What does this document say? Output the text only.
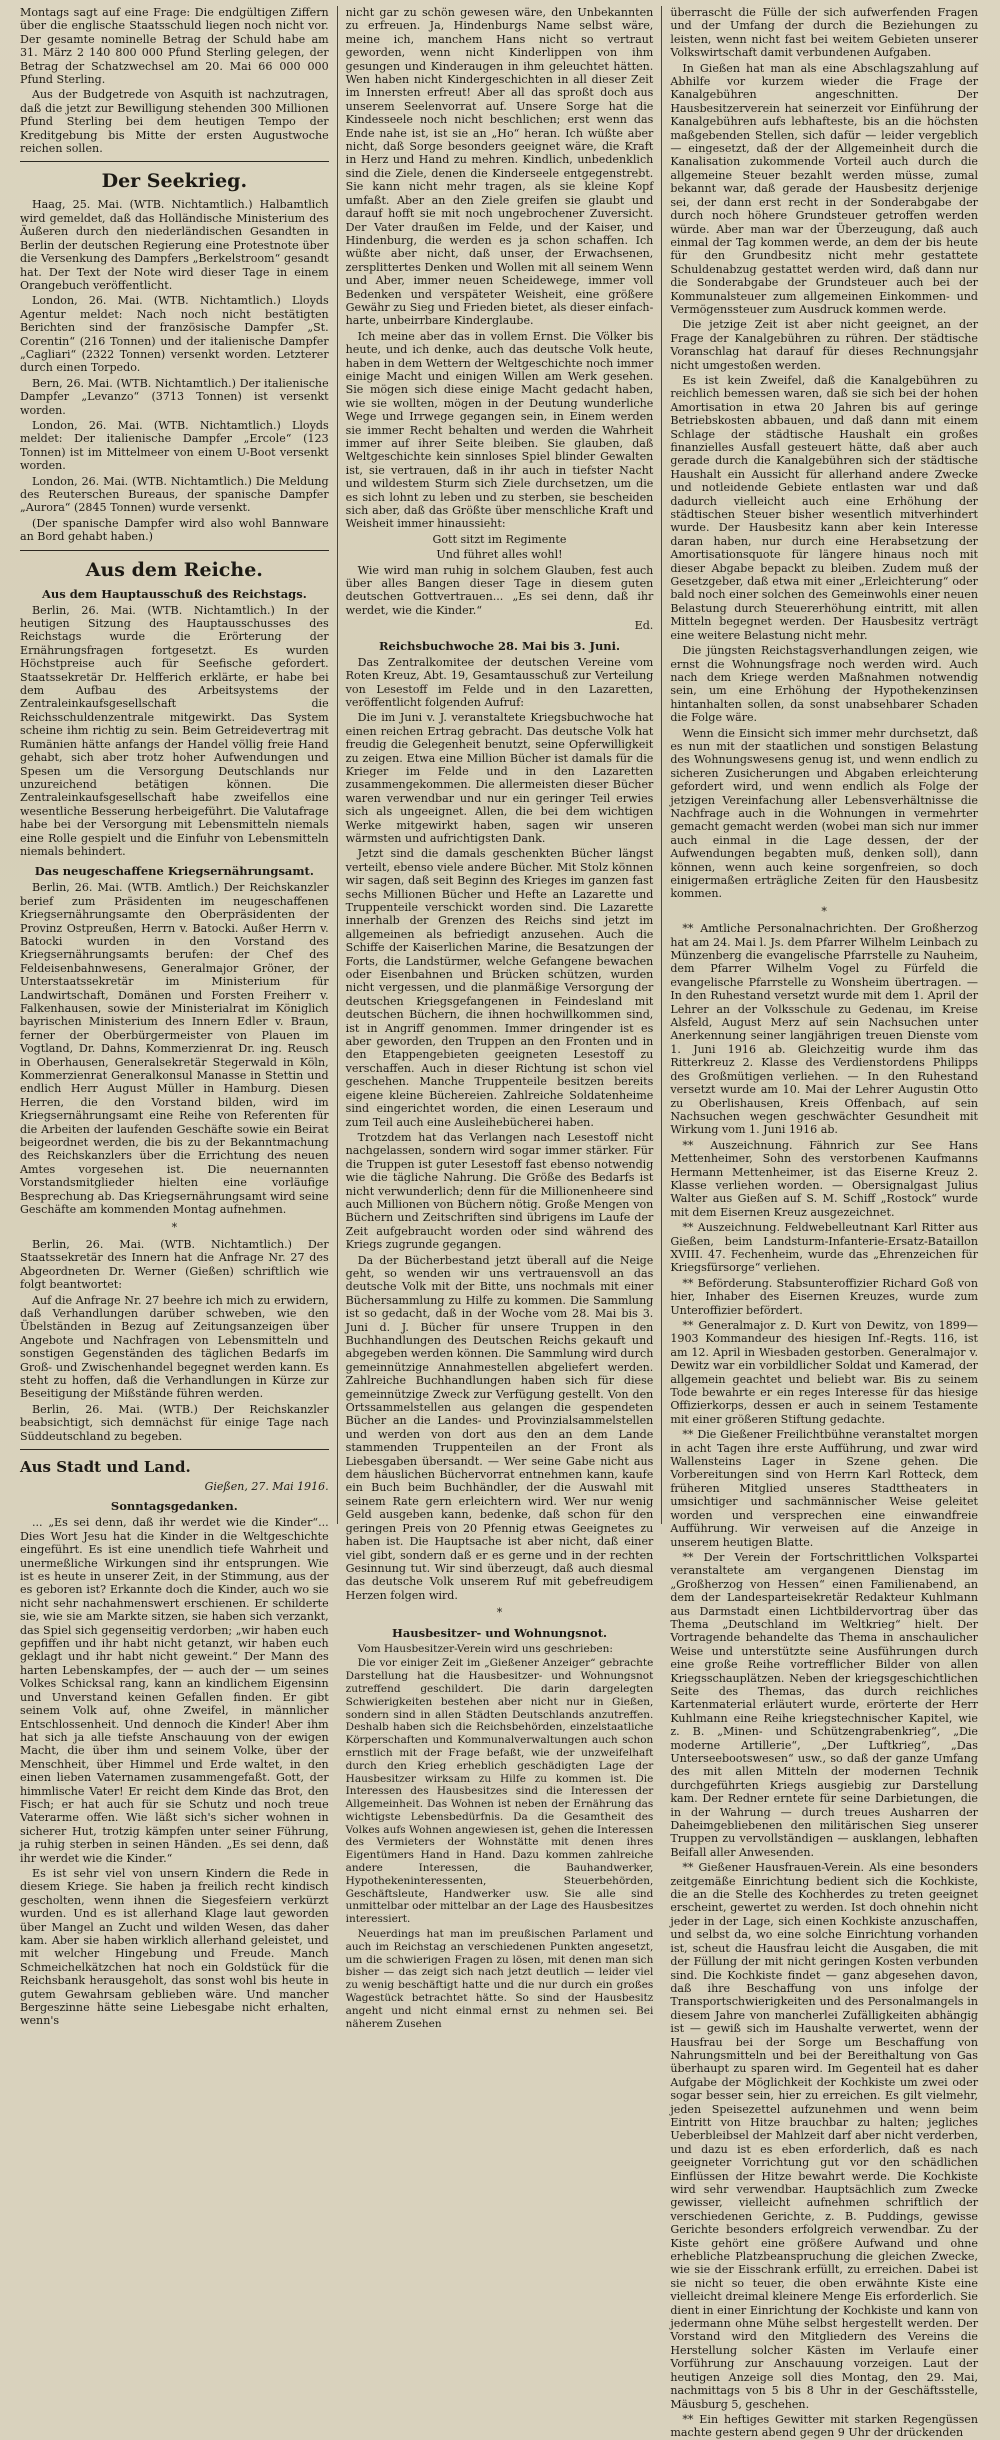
Montags sagt auf eine Frage: Die endgültigen Ziffern über die englische Staatsschuld liegen noch nicht vor. Der gesamte nominelle Betrag der Schuld habe am 31. März 2 140 800 000 Pfund Sterling gelegen, der Betrag der Schatzwechsel am 20. Mai 66 000 000 Pfund Sterling.

Aus der Budgetrede von Asquith ist nachzutragen, daß die jetzt zur Bewilligung stehenden 300 Millionen Pfund Sterling bei dem heutigen Tempo der Kreditgebung bis Mitte der ersten Augustwoche reichen sollen.

Der Seekrieg.

Haag, 25. Mai. (WTB. Nichtamtlich.) Halbamtlich wird gemeldet, daß das Holländische Ministerium des Äußeren durch den niederländischen Gesandten in Berlin der deutschen Regierung eine Protestnote über die Versenkung des Dampfers „Berkelstroom“ gesandt hat. Der Text der Note wird dieser Tage in einem Orangebuch veröffentlicht.

London, 26. Mai. (WTB. Nichtamtlich.) Lloyds Agentur meldet: Nach noch nicht bestätigten Berichten sind der französische Dampfer „St. Corentin“ (216 Tonnen) und der italienische Dampfer „Cagliari“ (2322 Tonnen) versenkt worden. Letzterer durch einen Torpedo.

Bern, 26. Mai. (WTB. Nichtamtlich.) Der italienische Dampfer „Levanzo“ (3713 Tonnen) ist versenkt worden.

London, 26. Mai. (WTB. Nichtamtlich.) Lloyds meldet: Der italienische Dampfer „Ercole“ (123 Tonnen) ist im Mittelmeer von einem U-Boot versenkt worden.

London, 26. Mai. (WTB. Nichtamtlich.) Die Meldung des Reuterschen Bureaus, der spanische Dampfer „Aurora“ (2845 Tonnen) wurde versenkt.

(Der spanische Dampfer wird also wohl Bannware an Bord gehabt haben.)

Aus dem Reiche.
Aus dem Hauptausschuß des Reichstags.

Berlin, 26. Mai. (WTB. Nichtamtlich.) In der heutigen Sitzung des Hauptausschusses des Reichstags wurde die Erörterung der Ernährungsfragen fortgesetzt. Es wurden Höchstpreise auch für Seefische gefordert. Staatssekretär Dr. Helfferich erklärte, er habe bei dem Aufbau des Arbeitsystems der Zentraleinkaufsgesellschaft die Reichsschuldenzentrale mitgewirkt. Das System scheine ihm richtig zu sein. Beim Getreidevertrag mit Rumänien hätte anfangs der Handel völlig freie Hand gehabt, sich aber trotz hoher Aufwendungen und Spesen um die Versorgung Deutschlands nur unzureichend betätigen können. Die Zentraleinkaufsgesellschaft habe zweifellos eine wesentliche Besserung herbeigeführt. Die Valutafrage habe bei der Versorgung mit Lebensmitteln niemals eine Rolle gespielt und die Einfuhr von Lebensmitteln niemals behindert.

Das neugeschaffene Kriegsernährungsamt.

Berlin, 26. Mai. (WTB. Amtlich.) Der Reichskanzler berief zum Präsidenten im neugeschaffenen Kriegsernährungsamte den Oberpräsidenten der Provinz Ostpreußen, Herrn v. Batocki. Außer Herrn v. Batocki wurden in den Vorstand des Kriegsernährungsamts berufen: der Chef des Feldeisenbahnwesens, Generalmajor Gröner, der Unterstaatssekretär im Ministerium für Landwirtschaft, Domänen und Forsten Freiherr v. Falkenhausen, sowie der Ministerialrat im Königlich bayrischen Ministerium des Innern Edler v. Braun, ferner der Oberbürgermeister von Plauen im Vogtland, Dr. Dahns, Kommerzienrat Dr. ing. Reusch in Oberhausen, Generalsekretär Stegerwald in Köln, Kommerzienrat Generalkonsul Manasse in Stettin und endlich Herr August Müller in Hamburg. Diesen Herren, die den Vorstand bilden, wird im Kriegsernährungsamt eine Reihe von Referenten für die Arbeiten der laufenden Geschäfte sowie ein Beirat beigeordnet werden, die bis zu der Bekanntmachung des Reichskanzlers über die Errichtung des neuen Amtes vorgesehen ist. Die neuernannten Vorstandsmitglieder hielten eine vorläufige Besprechung ab. Das Kriegsernährungsamt wird seine Geschäfte am kommenden Montag aufnehmen.

*

Berlin, 26. Mai. (WTB. Nichtamtlich.) Der Staatssekretär des Innern hat die Anfrage Nr. 27 des Abgeordneten Dr. Werner (Gießen) schriftlich wie folgt beantwortet:

Auf die Anfrage Nr. 27 beehre ich mich zu erwidern, daß Verhandlungen darüber schweben, wie den Übelständen in Bezug auf Zeitungsanzeigen über Angebote und Nachfragen von Lebensmitteln und sonstigen Gegenständen des täglichen Bedarfs im Groß- und Zwischenhandel begegnet werden kann. Es steht zu hoffen, daß die Verhandlungen in Kürze zur Beseitigung der Mißstände führen werden.

Berlin, 26. Mai. (WTB.) Der Reichskanzler beabsichtigt, sich demnächst für einige Tage nach Süddeutschland zu begeben.

Aus Stadt und Land.
Gießen, 27. Mai 1916.
Sonntagsgedanken.

... „Es sei denn, daß ihr werdet wie die Kinder“... Dies Wort Jesu hat die Kinder in die Weltgeschichte eingeführt. Es ist eine unendlich tiefe Wahrheit und unermeßliche Wirkungen sind ihr entsprungen. Wie ist es heute in unserer Zeit, in der Stimmung, aus der es geboren ist? Erkannte doch die Kinder, auch wo sie nicht sehr nachahmenswert erschienen. Er schilderte sie, wie sie am Markte sitzen, sie haben sich verzankt, das Spiel sich gegenseitig verdorben; „wir haben euch gepfiffen und ihr habt nicht getanzt, wir haben euch geklagt und ihr habt nicht geweint.“ Der Mann des harten Lebenskampfes, der — auch der — um seines Volkes Schicksal rang, kann an kindlichem Eigensinn und Unverstand keinen Gefallen finden. Er gibt seinem Volk auf, ohne Zweifel, in männlicher Entschlossenheit. Und dennoch die Kinder! Aber ihm hat sich ja alle tiefste Anschauung von der ewigen Macht, die über ihm und seinem Volke, über der Menschheit, über Himmel und Erde waltet, in den einen lieben Vaternamen zusammengefaßt. Gott, der himmlische Vater! Er reicht dem Kinde das Brot, den Fisch; er hat auch für sie Schutz und noch treue Vaterarme offen. Wie läßt sich's sicher wohnen in sicherer Hut, trotzig kämpfen unter seiner Führung, ja ruhig sterben in seinen Händen. „Es sei denn, daß ihr werdet wie die Kinder.“

Es ist sehr viel von unsern Kindern die Rede in diesem Kriege. Sie haben ja freilich recht kindisch gescholten, wenn ihnen die Siegesfeiern verkürzt wurden. Und es ist allerhand Klage laut geworden über Mangel an Zucht und wilden Wesen, das daher kam. Aber sie haben wirklich allerhand geleistet, und mit welcher Hingebung und Freude. Manch Schmeichelkätzchen hat noch ein Goldstück für die Reichsbank herausgeholt, das sonst wohl bis heute in gutem Gewahrsam geblieben wäre. Und mancher Bergeszinne hätte seine Liebesgabe nicht erhalten, wenn's

nicht gar zu schön gewesen wäre, den Unbekannten zu erfreuen. Ja, Hindenburgs Name selbst wäre, meine ich, manchem Hans nicht so vertraut geworden, wenn nicht Kinderlippen von ihm gesungen und Kinderaugen in ihm geleuchtet hätten. Wen haben nicht Kindergeschichten in all dieser Zeit im Innersten erfreut! Aber all das sproßt doch aus unserem Seelenvorrat auf. Unsere Sorge hat die Kindesseele noch nicht beschlichen; erst wenn das Ende nahe ist, ist sie an „Ho“ heran. Ich wüßte aber nicht, daß Sorge besonders geeignet wäre, die Kraft in Herz und Hand zu mehren. Kindlich, unbedenklich sind die Ziele, denen die Kinderseele entgegenstrebt. Sie kann nicht mehr tragen, als sie kleine Kopf umfaßt. Aber an den Ziele greifen sie glaubt und darauf hofft sie mit noch ungebrochener Zuversicht. Der Vater draußen im Felde, und der Kaiser, und Hindenburg, die werden es ja schon schaffen. Ich wüßte aber nicht, daß unser, der Erwachsenen, zersplittertes Denken und Wollen mit all seinem Wenn und Aber, immer neuen Scheidewege, immer voll Bedenken und verspäteter Weisheit, eine größere Gewähr zu Sieg und Frieden bietet, als dieser einfach-harte, unbeirrbare Kinderglaube.

Ich meine aber das in vollem Ernst. Die Völker bis heute, und ich denke, auch das deutsche Volk heute, haben in dem Wettern der Weltgeschichte noch immer einige Macht und einigen Willen am Werk gesehen. Sie mögen sich diese einige Macht gedacht haben, wie sie wollten, mögen in der Deutung wunderliche Wege und Irrwege gegangen sein, in Einem werden sie immer Recht behalten und werden die Wahrheit immer auf ihrer Seite bleiben. Sie glauben, daß Weltgeschichte kein sinnloses Spiel blinder Gewalten ist, sie vertrauen, daß in ihr auch in tiefster Nacht und wildestem Sturm sich Ziele durchsetzen, um die es sich lohnt zu leben und zu sterben, sie bescheiden sich aber, daß das Größte über menschliche Kraft und Weisheit immer hinaussieht:

Gott sitzt im Regimente
Und führet alles wohl!

Wie wird man ruhig in solchem Glauben, fest auch über alles Bangen dieser Tage in diesem guten deutschen Gottvertrauen... „Es sei denn, daß ihr werdet, wie die Kinder.“

Ed.
Reichsbuchwoche 28. Mai bis 3. Juni.

Das Zentralkomitee der deutschen Vereine vom Roten Kreuz, Abt. 19, Gesamtausschuß zur Verteilung von Lesestoff im Felde und in den Lazaretten, veröffentlicht folgenden Aufruf:

Die im Juni v. J. veranstaltete Kriegsbuchwoche hat einen reichen Ertrag gebracht. Das deutsche Volk hat freudig die Gelegenheit benutzt, seine Opferwilligkeit zu zeigen. Etwa eine Million Bücher ist damals für die Krieger im Felde und in den Lazaretten zusammengekommen. Die allermeisten dieser Bücher waren verwendbar und nur ein geringer Teil erwies sich als ungeeignet. Allen, die bei dem wichtigen Werke mitgewirkt haben, sagen wir unseren wärmsten und aufrichtigsten Dank.

Jetzt sind die damals geschenkten Bücher längst verteilt, ebenso viele andere Bücher. Mit Stolz können wir sagen, daß seit Beginn des Krieges im ganzen fast sechs Millionen Bücher und Hefte an Lazarette und Truppenteile verschickt worden sind. Die Lazarette innerhalb der Grenzen des Reichs sind jetzt im allgemeinen als befriedigt anzusehen. Auch die Schiffe der Kaiserlichen Marine, die Besatzungen der Forts, die Landstürmer, welche Gefangene bewachen oder Eisenbahnen und Brücken schützen, wurden nicht vergessen, und die planmäßige Versorgung der deutschen Kriegsgefangenen in Feindesland mit deutschen Büchern, die ihnen hochwillkommen sind, ist in Angriff genommen. Immer dringender ist es aber geworden, den Truppen an den Fronten und in den Etappengebieten geeigneten Lesestoff zu verschaffen. Auch in dieser Richtung ist schon viel geschehen. Manche Truppenteile besitzen bereits eigene kleine Büchereien. Zahlreiche Soldatenheime sind eingerichtet worden, die einen Leseraum und zum Teil auch eine Ausleihebücherei haben.

Trotzdem hat das Verlangen nach Lesestoff nicht nachgelassen, sondern wird sogar immer stärker. Für die Truppen ist guter Lesestoff fast ebenso notwendig wie die tägliche Nahrung. Die Größe des Bedarfs ist nicht verwunderlich; denn für die Millionenheere sind auch Millionen von Büchern nötig. Große Mengen von Büchern und Zeitschriften sind übrigens im Laufe der Zeit aufgebraucht worden oder sind während des Kriegs zugrunde gegangen.

Da der Bücherbestand jetzt überall auf die Neige geht, so wenden wir uns vertrauensvoll an das deutsche Volk mit der Bitte, uns nochmals mit einer Büchersammlung zu Hilfe zu kommen. Die Sammlung ist so gedacht, daß in der Woche vom 28. Mai bis 3. Juni d. J. Bücher für unsere Truppen in den Buchhandlungen des Deutschen Reichs gekauft und abgegeben werden können. Die Sammlung wird durch gemeinnützige Annahmestellen abgeliefert werden. Zahlreiche Buchhandlungen haben sich für diese gemeinnützige Zweck zur Verfügung gestellt. Von den Ortssammelstellen aus gelangen die gespendeten Bücher an die Landes- und Provinzialsammelstellen und werden von dort aus den an dem Lande stammenden Truppenteilen an der Front als Liebesgaben übersandt. — Wer seine Gabe nicht aus dem häuslichen Büchervorrat entnehmen kann, kaufe ein Buch beim Buchhändler, der die Auswahl mit seinem Rate gern erleichtern wird. Wer nur wenig Geld ausgeben kann, bedenke, daß schon für den geringen Preis von 20 Pfennig etwas Geeignetes zu haben ist. Die Hauptsache ist aber nicht, daß einer viel gibt, sondern daß er es gerne und in der rechten Gesinnung tut. Wir sind überzeugt, daß auch diesmal das deutsche Volk unserem Ruf mit gebefreudigem Herzen folgen wird.

*
Hausbesitzer- und Wohnungsnot.

Vom Hausbesitzer-Verein wird uns geschrieben:

Die vor einiger Zeit im „Gießener Anzeiger“ gebrachte Darstellung hat die Hausbesitzer- und Wohnungsnot zutreffend geschildert. Die darin dargelegten Schwierigkeiten bestehen aber nicht nur in Gießen, sondern sind in allen Städten Deutschlands anzutreffen. Deshalb haben sich die Reichsbehörden, einzelstaatliche Körperschaften und Kommunalverwaltungen auch schon ernstlich mit der Frage befaßt, wie der unzweifelhaft durch den Krieg erheblich geschädigten Lage der Hausbesitzer wirksam zu Hilfe zu kommen ist. Die Interessen des Hausbesitzes sind die Interessen der Allgemeinheit. Das Wohnen ist neben der Ernährung das wichtigste Lebensbedürfnis. Da die Gesamtheit des Volkes aufs Wohnen angewiesen ist, gehen die Interessen des Vermieters der Wohnstätte mit denen ihres Eigentümers Hand in Hand. Dazu kommen zahlreiche andere Interessen, die Bauhandwerker, Hypothekeninteressenten, Steuerbehörden, Geschäftsleute, Handwerker usw. Sie alle sind unmittelbar oder mittelbar an der Lage des Hausbesitzes interessiert.

Neuerdings hat man im preußischen Parlament und auch im Reichstag an verschiedenen Punkten angesetzt, um die schwierigen Fragen zu lösen, mit denen man sich bisher — das zeigt sich nach jetzt deutlich — leider viel zu wenig beschäftigt hatte und die nur durch ein großes Wagestück betrachtet hätte. So sind der Hausbesitz angeht und nicht einmal ernst zu nehmen sei. Bei näherem Zusehen

überrascht die Fülle der sich aufwerfenden Fragen und der Umfang der durch die Beziehungen zu leisten, wenn nicht fast bei weitem Gebieten unserer Volkswirtschaft damit verbundenen Aufgaben.

In Gießen hat man als eine Abschlagszahlung auf Abhilfe vor kurzem wieder die Frage der Kanalgebühren angeschnitten. Der Hausbesitzerverein hat seinerzeit vor Einführung der Kanalgebühren aufs lebhafteste, bis an die höchsten maßgebenden Stellen, sich dafür — leider vergeblich — eingesetzt, daß der der Allgemeinheit durch die Kanalisation zukommende Vorteil auch durch die allgemeine Steuer bezahlt werden müsse, zumal bekannt war, daß gerade der Hausbesitz derjenige sei, der dann erst recht in der Sonderabgabe der durch noch höhere Grundsteuer getroffen werden würde. Aber man war der Überzeugung, daß auch einmal der Tag kommen werde, an dem der bis heute für den Grundbesitz nicht mehr gestattete Schuldenabzug gestattet werden wird, daß dann nur die Sonderabgabe der Grundsteuer auch bei der Kommunalsteuer zum allgemeinen Einkommen- und Vermögenssteuer zum Ausdruck kommen werde.

Die jetzige Zeit ist aber nicht geeignet, an der Frage der Kanalgebühren zu rühren. Der städtische Voranschlag hat darauf für dieses Rechnungsjahr nicht umgestoßen werden.

Es ist kein Zweifel, daß die Kanalgebühren zu reichlich bemessen waren, daß sie sich bei der hohen Amortisation in etwa 20 Jahren bis auf geringe Betriebskosten abbauen, und daß dann mit einem Schlage der städtische Haushalt ein großes finanzielles Ausfall gesteuert hätte, daß aber auch gerade durch die Kanalgebühren sich der städtische Haushalt ein Aussicht für allerhand andere Zwecke und notleidende Gebiete entlasten war und daß dadurch vielleicht auch eine Erhöhung der städtischen Steuer bisher wesentlich mitverhindert wurde. Der Hausbesitz kann aber kein Interesse daran haben, nur durch eine Herabsetzung der Amortisationsquote für längere hinaus noch mit dieser Abgabe bepackt zu bleiben. Zudem muß der Gesetzgeber, daß etwa mit einer „Erleichterung“ oder bald noch einer solchen des Gemeinwohls einer neuen Belastung durch Steuererhöhung eintritt, mit allen Mitteln begegnet werden. Der Hausbesitz verträgt eine weitere Belastung nicht mehr.

Die jüngsten Reichstagsverhandlungen zeigen, wie ernst die Wohnungsfrage noch werden wird. Auch nach dem Kriege werden Maßnahmen notwendig sein, um eine Erhöhung der Hypothekenzinsen hintanhalten sollen, da sonst unabsehbarer Schaden die Folge wäre.

Wenn die Einsicht sich immer mehr durchsetzt, daß es nun mit der staatlichen und sonstigen Belastung des Wohnungswesens genug ist, und wenn endlich zu sicheren Zusicherungen und Abgaben erleichterung gefordert wird, und wenn endlich als Folge der jetzigen Vereinfachung aller Lebensverhältnisse die Nachfrage auch in die Wohnungen in vermehrter gemacht gemacht werden (wobei man sich nur immer auch einmal in die Lage dessen, der der Aufwendungen begabten muß, denken soll), dann können, wenn auch keine sorgenfreien, so doch einigermaßen erträgliche Zeiten für den Hausbesitz kommen.

*

** Amtliche Personalnachrichten. Der Großherzog hat am 24. Mai l. Js. dem Pfarrer Wilhelm Leinbach zu Münzenberg die evangelische Pfarrstelle zu Nauheim, dem Pfarrer Wilhelm Vogel zu Fürfeld die evangelische Pfarrstelle zu Wonsheim übertragen. — In den Ruhestand versetzt wurde mit dem 1. April der Lehrer an der Volksschule zu Gedenau, im Kreise Alsfeld, August Merz auf sein Nachsuchen unter Anerkennung seiner langjährigen treuen Dienste vom 1. Juni 1916 ab. Gleichzeitig wurde ihm das Ritterkreuz 2. Klasse des Verdienstordens Philipps des Großmütigen verliehen. — In den Ruhestand versetzt wurde am 10. Mai der Lehrer Augustin Otto zu Oberlishausen, Kreis Offenbach, auf sein Nachsuchen wegen geschwächter Gesundheit mit Wirkung vom 1. Juni 1916 ab.

** Auszeichnung. Fähnrich zur See Hans Mettenheimer, Sohn des verstorbenen Kaufmanns Hermann Mettenheimer, ist das Eiserne Kreuz 2. Klasse verliehen worden. — Obersignalgast Julius Walter aus Gießen auf S. M. Schiff „Rostock“ wurde mit dem Eisernen Kreuz ausgezeichnet.

** Auszeichnung. Feldwebelleutnant Karl Ritter aus Gießen, beim Landsturm-Infanterie-Ersatz-Bataillon XVIII. 47. Fechenheim, wurde das „Ehrenzeichen für Kriegsfürsorge“ verliehen.

** Beförderung. Stabsunteroffizier Richard Goß von hier, Inhaber des Eisernen Kreuzes, wurde zum Unteroffizier befördert.

** Generalmajor z. D. Kurt von Dewitz, von 1899—1903 Kommandeur des hiesigen Inf.-Regts. 116, ist am 12. April in Wiesbaden gestorben. Generalmajor v. Dewitz war ein vorbildlicher Soldat und Kamerad, der allgemein geachtet und beliebt war. Bis zu seinem Tode bewahrte er ein reges Interesse für das hiesige Offizierkorps, dessen er auch in seinem Testamente mit einer größeren Stiftung gedachte.

** Die Gießener Freilichtbühne veranstaltet morgen in acht Tagen ihre erste Aufführung, und zwar wird Wallensteins Lager in Szene gehen. Die Vorbereitungen sind von Herrn Karl Rotteck, dem früheren Mitglied unseres Stadttheaters in umsichtiger und sachmännischer Weise geleitet worden und versprechen eine einwandfreie Aufführung. Wir verweisen auf die Anzeige in unserem heutigen Blatte.

** Der Verein der Fortschrittlichen Volkspartei veranstaltete am vergangenen Dienstag im „Großherzog von Hessen“ einen Familienabend, an dem der Landesparteisekretär Redakteur Kuhlmann aus Darmstadt einen Lichtbildervortrag über das Thema „Deutschland im Weltkrieg“ hielt. Der Vortragende behandelte das Thema in anschaulicher Weise und unterstützte seine Ausführungen durch eine große Reihe vortrefflicher Bilder von allen Kriegsschauplätzen. Neben der kriegsgeschichtlichen Seite des Themas, das durch reichliches Kartenmaterial erläutert wurde, erörterte der Herr Kuhlmann eine Reihe kriegstechnischer Kapitel, wie z. B. „Minen- und Schützengrabenkrieg“, „Die moderne Artillerie“, „Der Luftkrieg“, „Das Unterseebootswesen“ usw., so daß der ganze Umfang des mit allen Mitteln der modernen Technik durchgeführten Kriegs ausgiebig zur Darstellung kam. Der Redner erntete für seine Darbietungen, die in der Wahrung — durch treues Ausharren der Daheimgebliebenen den militärischen Sieg unserer Truppen zu vervollständigen — ausklangen, lebhaften Beifall aller Anwesenden.

** Gießener Hausfrauen-Verein. Als eine besonders zeitgemäße Einrichtung bedient sich die Kochkiste, die an die Stelle des Kochherdes zu treten geeignet erscheint, gewertet zu werden. Ist doch ohnehin nicht jeder in der Lage, sich einen Kochkiste anzuschaffen, und selbst da, wo eine solche Einrichtung vorhanden ist, scheut die Hausfrau leicht die Ausgaben, die mit der Füllung der mit nicht geringen Kosten verbunden sind. Die Kochkiste findet — ganz abgesehen davon, daß ihre Beschaffung von uns infolge der Transportschwierigkeiten und des Personalmangels in diesem Jahre von mancherlei Zufälligkeiten abhängig ist — gewiß sich im Haushalte verwertet, wenn der Hausfrau bei der Sorge um Beschaffung von Nahrungsmitteln und bei der Bereithaltung von Gas überhaupt zu sparen wird. Im Gegenteil hat es daher Aufgabe der Möglichkeit der Kochkiste um zwei oder sogar besser sein, hier zu erreichen. Es gilt vielmehr, jeden Speisezettel aufzunehmen und wenn beim Eintritt von Hitze brauchbar zu halten; jegliches Ueberbleibsel der Mahlzeit darf aber nicht verderben, und dazu ist es eben erforderlich, daß es nach geeigneter Vorrichtung gut vor den schädlichen Einflüssen der Hitze bewahrt werde. Die Kochkiste wird sehr verwendbar. Hauptsächlich zum Zwecke gewisser, vielleicht aufnehmen schriftlich der verschiedenen Gerichte, z. B. Puddings, gewisse Gerichte besonders erfolgreich verwendbar. Zu der Kiste gehört eine größere Aufwand und ohne erhebliche Platzbeanspruchung die gleichen Zwecke, wie sie der Eisschrank erfüllt, zu erreichen. Dabei ist sie nicht so teuer, die oben erwähnte Kiste eine vielleicht dreimal kleinere Menge Eis erforderlich. Sie dient in einer Einrichtung der Kochkiste und kann von jedermann ohne Mühe selbst hergestellt werden. Der Vorstand wird den Mitgliedern des Vereins die Herstellung solcher Kästen im Verlaufe einer Vorführung zur Anschauung vorzeigen. Laut der heutigen Anzeige soll dies Montag, den 29. Mai, nachmittags von 5 bis 8 Uhr in der Geschäftsstelle, Mäusburg 5, geschehen.

** Ein heftiges Gewitter mit starken Regengüssen machte gestern abend gegen 9 Uhr der drückenden
